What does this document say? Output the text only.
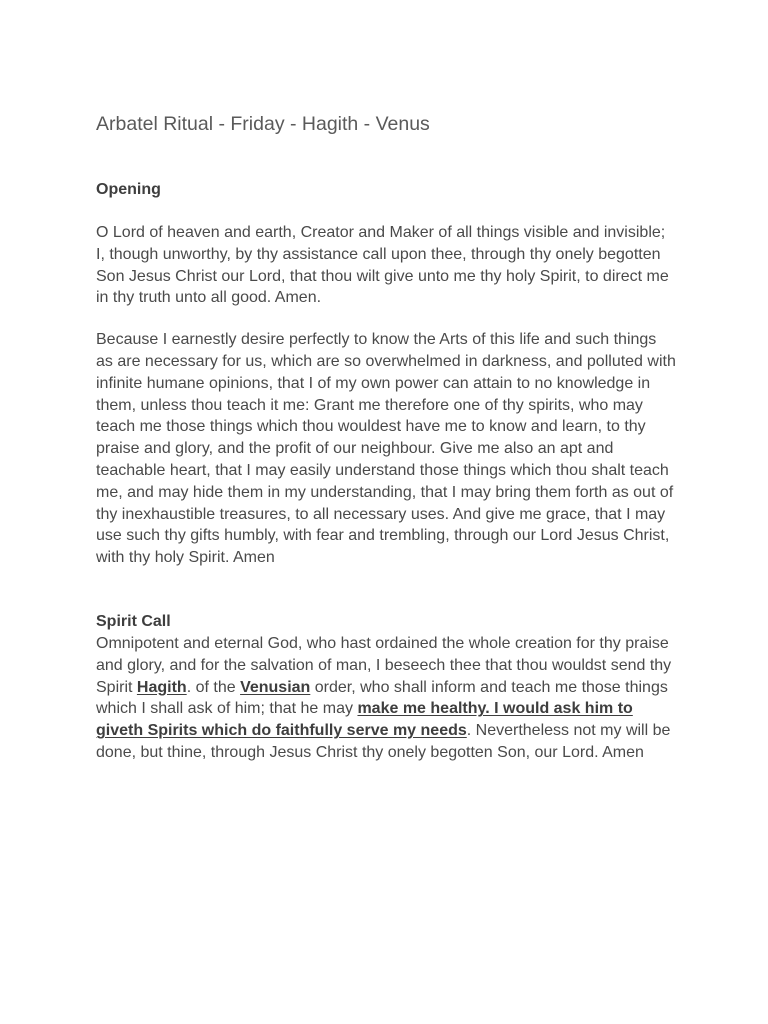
Arbatel Ritual - Friday - Hagith - Venus
Opening

O Lord of heaven and earth, Creator and Maker of all things visible and invisible; I, though unworthy, by thy assistance call upon thee, through thy onely begotten Son Jesus Christ our Lord, that thou wilt give unto me thy holy Spirit, to direct me in thy truth unto all good. Amen.

Because I earnestly desire perfectly to know the Arts of this life and such things as are necessary for us, which are so overwhelmed in darkness, and polluted with infinite humane opinions, that I of my own power can attain to no knowledge in them, unless thou teach it me: Grant me therefore one of thy spirits, who may teach me those things which thou wouldest have me to know and learn, to thy praise and glory, and the profit of our neighbour. Give me also an apt and teachable heart, that I may easily understand those things which thou shalt teach me, and may hide them in my understanding, that I may bring them forth as out of thy inexhaustible treasures, to all necessary uses. And give me grace, that I may use such thy gifts humbly, with fear and trembling, through our Lord Jesus Christ, with thy holy Spirit. Amen

Spirit Call

Omnipotent and eternal God, who hast ordained the whole creation for thy praise and glory, and for the salvation of man, I beseech thee that thou wouldst send thy Spirit Hagith. of the Venusian order, who shall inform and teach me those things which I shall ask of him; that he may make me healthy. I would ask him to giveth Spirits which do faithfully serve my needs. Nevertheless not my will be done, but thine, through Jesus Christ thy onely begotten Son, our Lord. Amen
